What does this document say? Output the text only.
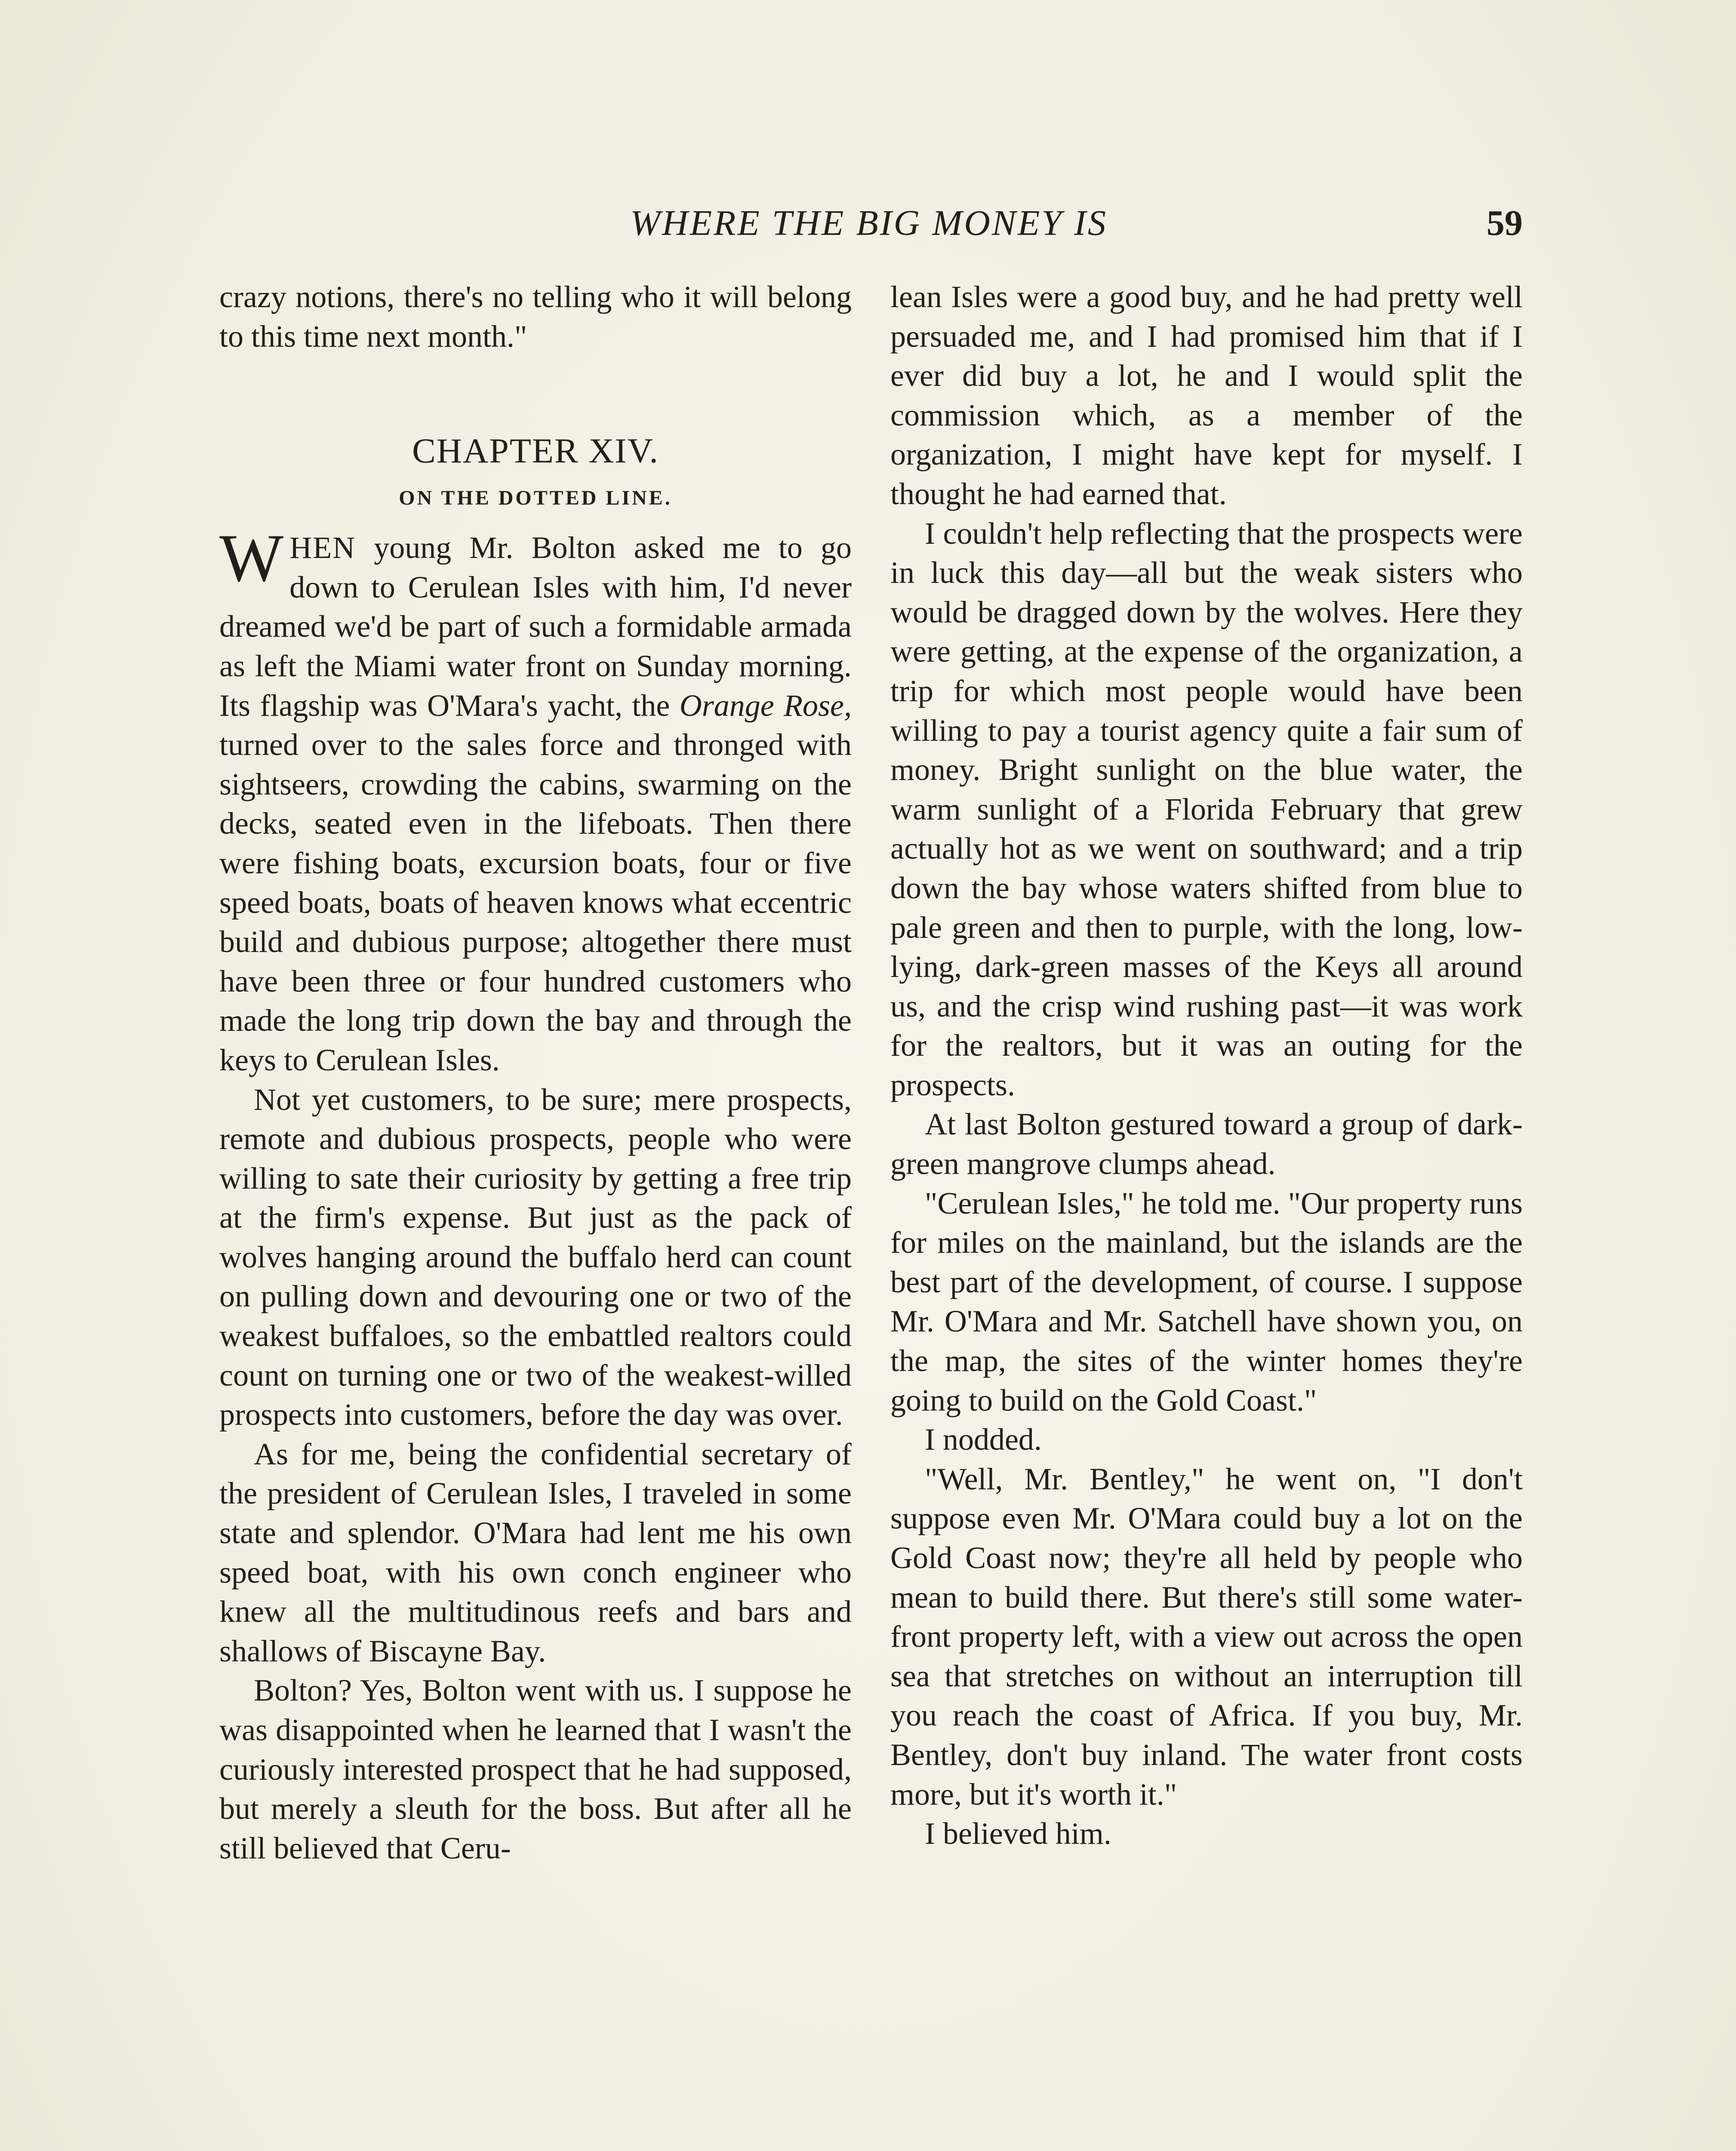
WHERE THE BIG MONEY IS	59

crazy notions, there's no telling who it will belong to this time next month."

CHAPTER XIV.
ON THE DOTTED LINE.

WHEN young Mr. Bolton asked me to go down to Cerulean Isles with him, I'd never dreamed we'd be part of such a formidable armada as left the Miami water front on Sunday morning. Its flagship was O'Mara's yacht, the Orange Rose, turned over to the sales force and thronged with sightseers, crowding the cabins, swarming on the decks, seated even in the lifeboats. Then there were fishing boats, excursion boats, four or five speed boats, boats of heaven knows what eccentric build and dubious purpose; altogether there must have been three or four hundred customers who made the long trip down the bay and through the keys to Cerulean Isles.

Not yet customers, to be sure; mere prospects, remote and dubious prospects, people who were willing to sate their curiosity by getting a free trip at the firm's expense. But just as the pack of wolves hanging around the buffalo herd can count on pulling down and devouring one or two of the weakest buffaloes, so the embattled realtors could count on turning one or two of the weakest-willed prospects into customers, before the day was over.

As for me, being the confidential secretary of the president of Cerulean Isles, I traveled in some state and splendor. O'Mara had lent me his own speed boat, with his own conch engineer who knew all the multitudinous reefs and bars and shallows of Biscayne Bay.

Bolton? Yes, Bolton went with us. I suppose he was disappointed when he learned that I wasn't the curiously interested prospect that he had supposed, but merely a sleuth for the boss. But after all he still believed that Ceru-

lean Isles were a good buy, and he had pretty well persuaded me, and I had promised him that if I ever did buy a lot, he and I would split the commission which, as a member of the organization, I might have kept for myself. I thought he had earned that.

I couldn't help reflecting that the prospects were in luck this day—all but the weak sisters who would be dragged down by the wolves. Here they were getting, at the expense of the organization, a trip for which most people would have been willing to pay a tourist agency quite a fair sum of money. Bright sunlight on the blue water, the warm sunlight of a Florida February that grew actually hot as we went on southward; and a trip down the bay whose waters shifted from blue to pale green and then to purple, with the long, low-lying, dark-green masses of the Keys all around us, and the crisp wind rushing past—it was work for the realtors, but it was an outing for the prospects.

At last Bolton gestured toward a group of dark-green mangrove clumps ahead.

"Cerulean Isles," he told me. "Our property runs for miles on the mainland, but the islands are the best part of the development, of course. I suppose Mr. O'Mara and Mr. Satchell have shown you, on the map, the sites of the winter homes they're going to build on the Gold Coast."

I nodded.

"Well, Mr. Bentley," he went on, "I don't suppose even Mr. O'Mara could buy a lot on the Gold Coast now; they're all held by people who mean to build there. But there's still some water-front property left, with a view out across the open sea that stretches on without an interruption till you reach the coast of Africa. If you buy, Mr. Bentley, don't buy inland. The water front costs more, but it's worth it."

I believed him.
